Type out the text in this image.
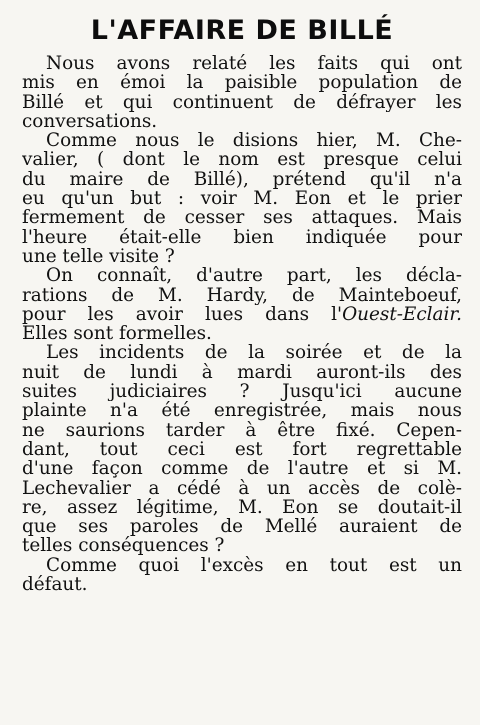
L'AFFAIRE DE BILLÉ
Nous avons relaté les faits qui ont
mis en émoi la paisible population de
Billé et qui continuent de défrayer les
conversations.
Comme nous le disions hier, M. Che-
valier, ( dont le nom est presque celui
du maire de Billé), prétend qu'il n'a
eu qu'un but : voir M. Eon et le prier
fermement de cesser ses attaques. Mais
l'heure était-elle bien indiquée pour
une telle visite ?
On connaît, d'autre part, les décla-
rations de M. Hardy, de Mainteboeuf,
pour les avoir lues dans l'Ouest-Eclair.
Elles sont formelles.
Les incidents de la soirée et de la
nuit de lundi à mardi auront-ils des
suites judiciaires ? Jusqu'ici aucune
plainte n'a été enregistrée, mais nous
ne saurions tarder à être fixé. Cepen-
dant, tout ceci est fort regrettable
d'une façon comme de l'autre et si M.
Lechevalier a cédé à un accès de colè-
re, assez légitime, M. Eon se doutait-il
que ses paroles de Mellé auraient de
telles conséquences ?
Comme quoi l'excès en tout est un
défaut.
